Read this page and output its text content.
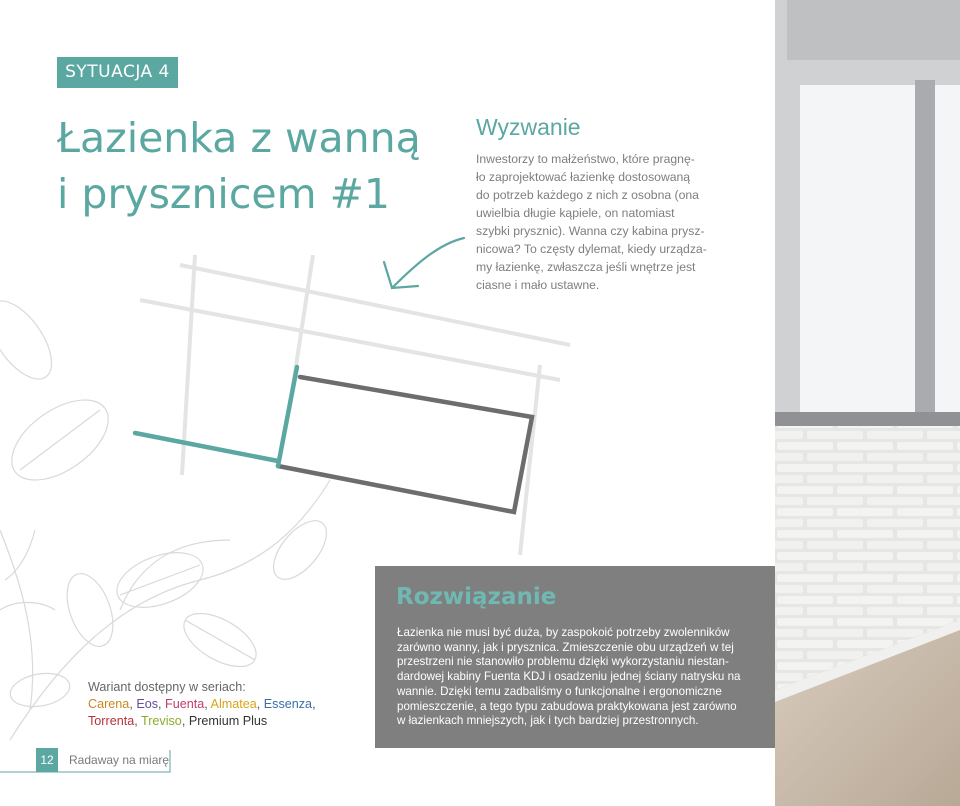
SYTUACJA 4
Łazienka z wanną
i prysznicem #1
Wyzwanie
Inwestorzy to małżeństwo, które pragnę-
ło zaprojektować łazienkę dostosowaną
do potrzeb każdego z nich z osobna (ona
uwielbia długie kąpiele, on natomiast
szybki prysznic). Wanna czy kabina prysz-
nicowa? To częsty dylemat, kiedy urządza-
my łazienkę, zwłaszcza jeśli wnętrze jest
ciasne i mało ustawne.
Wariant dostępny w seriach:
Carena, Eos, Fuenta, Almatea, Essenza,
Torrenta, Treviso, Premium Plus
Rozwiązanie
Łazienka nie musi być duża, by zaspokoić potrzeby zwolenników
zarówno wanny, jak i prysznica. Zmieszczenie obu urządzeń w tej
przestrzeni nie stanowiło problemu dzięki wykorzystaniu niestan-
dardowej kabiny Fuenta KDJ i osadzeniu jednej ściany natrysku na
wannie. Dzięki temu zadbaliśmy o funkcjonalne i ergonomiczne
pomieszczenie, a tego typu zabudowa praktykowana jest zarówno
w łazienkach mniejszych, jak i tych bardziej przestronnych.
12	Radaway na miarę
